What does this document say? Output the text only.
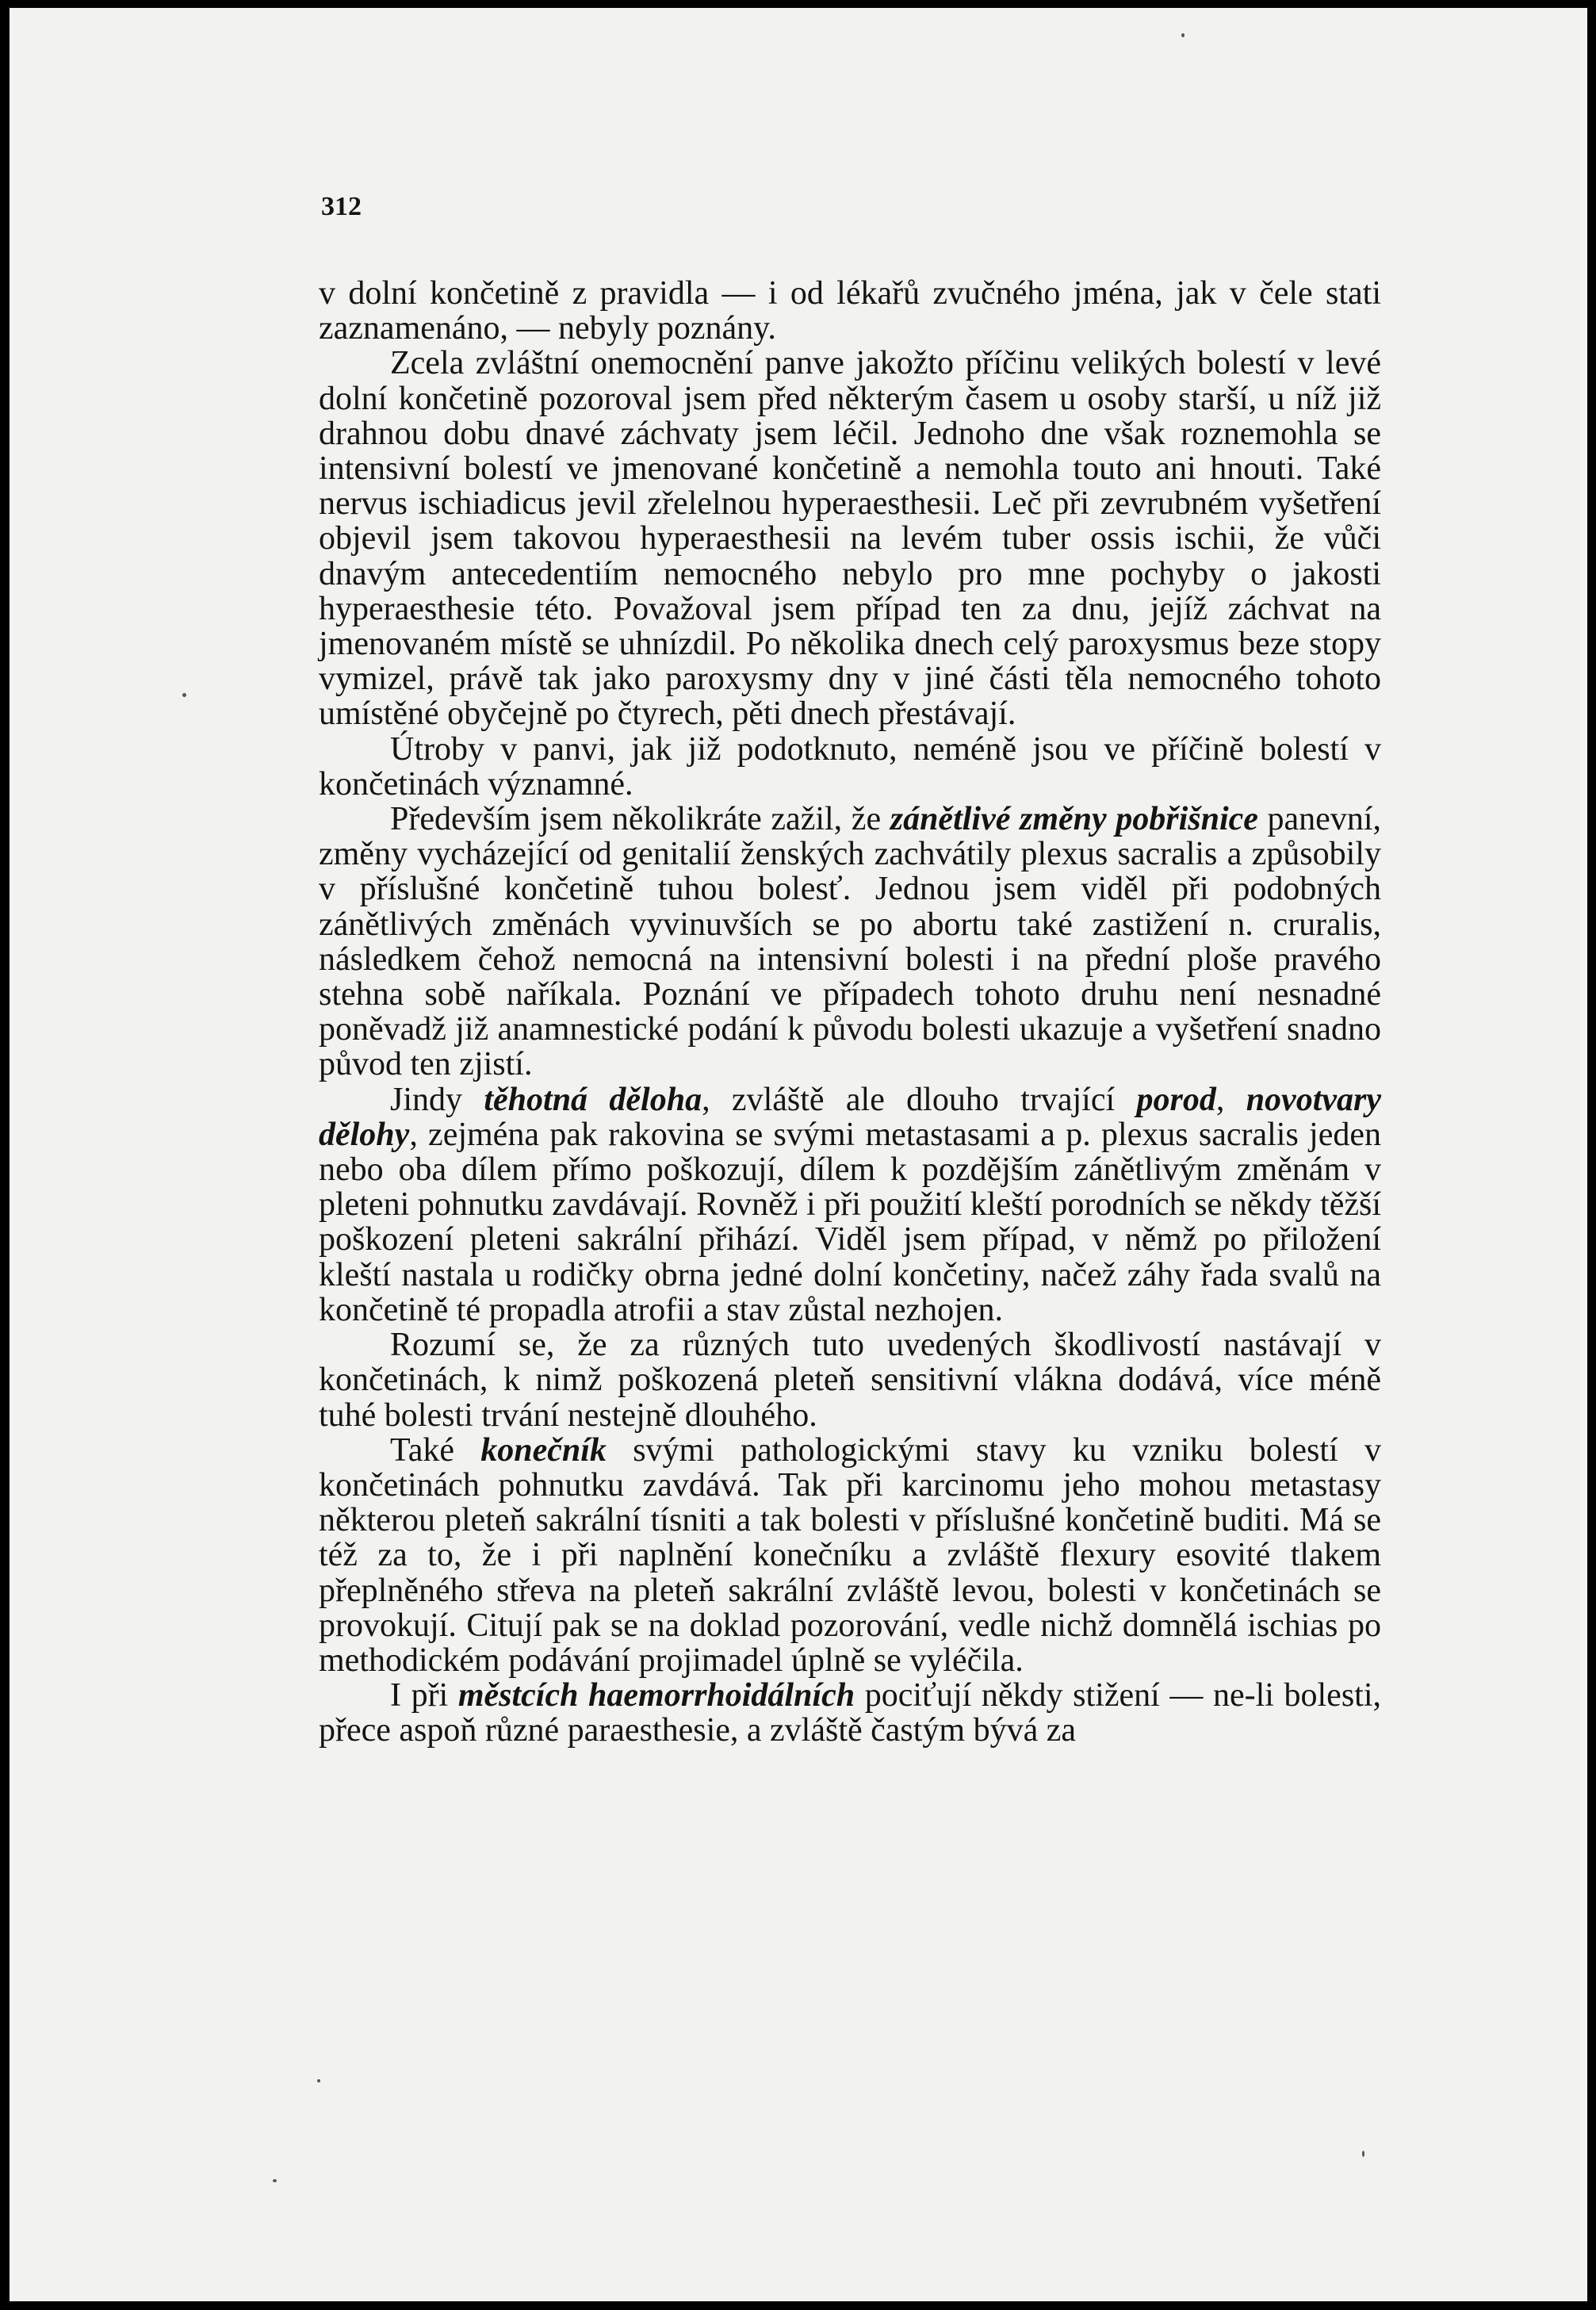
312

v dolní končetině z pravidla — i od lékařů zvučného jména, jak v čele stati zaznamenáno, — nebyly poznány.

Zcela zvláštní onemocnění panve jakožto příčinu velikých bolestí v levé dolní končetině pozoroval jsem před některým časem u osoby starší, u níž již drahnou dobu dnavé záchvaty jsem léčil. Jednoho dne však roznemohla se intensivní bolestí ve jmenované končetině a nemohla touto ani hnouti. Také nervus ischiadicus jevil zřelelnou hyperaesthesii. Leč při zevrubném vyšetření objevil jsem takovou hyperaesthesii na levém tuber ossis ischii, že vůči dnavým antecedentiím nemocného nebylo pro mne pochyby o jakosti hyperaesthesie této. Považoval jsem případ ten za dnu, jejíž záchvat na jmenovaném místě se uhnízdil. Po několika dnech celý paroxysmus beze stopy vymizel, právě tak jako paroxysmy dny v jiné části těla nemocného tohoto umístěné obyčejně po čtyrech, pěti dnech přestávají.

Útroby v panvi, jak již podotknuto, neméně jsou ve příčině bolestí v končetinách významné.

Především jsem několikráte zažil, že zánětlivé změny pobřišnice panevní, změny vycházející od genitalií ženských zachvátily plexus sacralis a způsobily v příslušné končetině tuhou bolesť. Jednou jsem viděl při podobných zánětlivých změnách vyvinuvších se po abortu také zastižení n. cruralis, následkem čehož nemocná na intensivní bolesti i na přední ploše pravého stehna sobě naříkala. Poznání ve případech tohoto druhu není nesnadné poněvadž již anamnestické podání k původu bolesti ukazuje a vyšetření snadno původ ten zjistí.

Jindy těhotná děloha, zvláště ale dlouho trvající porod, novotvary dělohy, zejména pak rakovina se svými metastasami a p. plexus sacralis jeden nebo oba dílem přímo poškozují, dílem k pozdějším zánětlivým změnám v pleteni pohnutku zavdávají. Rovněž i při použití kleští porodních se někdy těžší poškození pleteni sakrální přihází. Viděl jsem případ, v němž po přiložení kleští nastala u rodičky obrna jedné dolní končetiny, načež záhy řada svalů na končetině té propadla atrofii a stav zůstal nezhojen.

Rozumí se, že za různých tuto uvedených škodlivostí nastávají v končetinách, k nimž poškozená pleteň sensitivní vlákna dodává, více méně tuhé bolesti trvání nestejně dlouhého.

Také konečník svými pathologickými stavy ku vzniku bolestí v končetinách pohnutku zavdává. Tak při karcinomu jeho mohou metastasy některou pleteň sakrální tísniti a tak bolesti v příslušné končetině buditi. Má se též za to, že i při naplnění konečníku a zvláště flexury esovité tlakem přeplněného střeva na pleteň sakrální zvláště levou, bolesti v končetinách se provokují. Citují pak se na doklad pozorování, vedle nichž domnělá ischias po methodickém podávání projimadel úplně se vyléčila.

I při městcích haemorrhoidálních pociťují někdy stižení — ne-li bolesti, přece aspoň různé paraesthesie, a zvláště častým bývá za
